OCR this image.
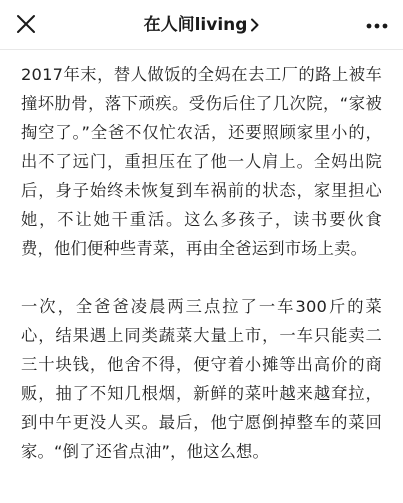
在人间living

2017年末，替人做饭的全妈在去工厂的路上被车撞坏肋骨，落下顽疾。受伤后住了几次院，“家被掏空了。”全爸不仅忙农活，还要照顾家里小的，出不了远门，重担压在了他一人肩上。全妈出院后，身子始终未恢复到车祸前的状态，家里担心她，不让她干重活。这么多孩子，读书要伙食费，他们便种些青菜，再由全爸运到市场上卖。

一次，全爸爸凌晨两三点拉了一车300斤的菜心，结果遇上同类蔬菜大量上市，一车只能卖二三十块钱，他舍不得，便守着小摊等出高价的商贩，抽了不知几根烟，新鲜的菜叶越来越耷拉，到中午更没人买。最后，他宁愿倒掉整车的菜回家。“倒了还省点油”，他这么想。
